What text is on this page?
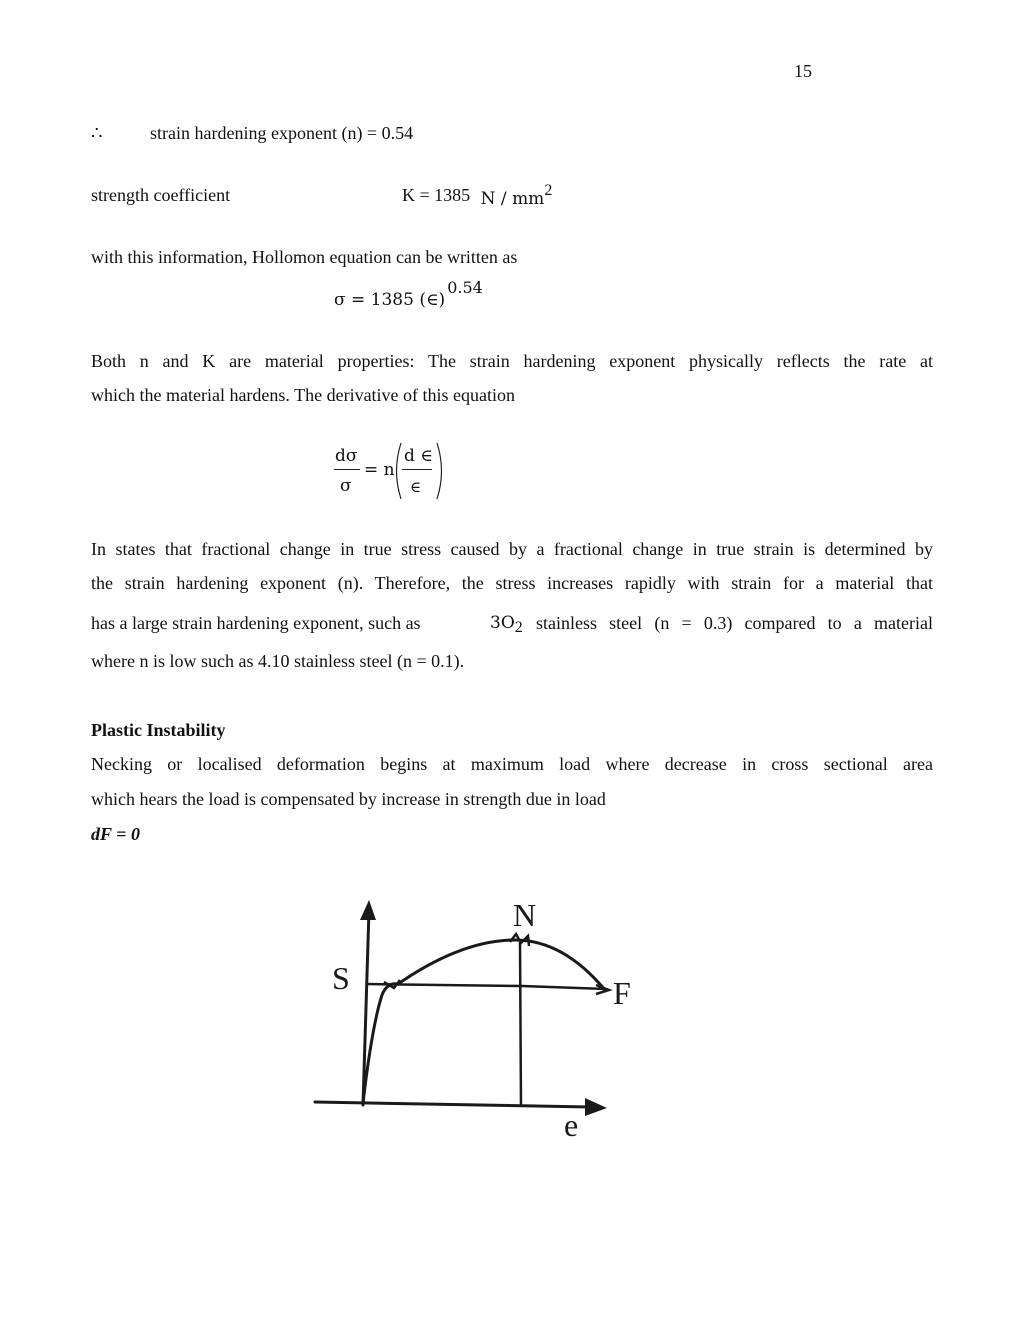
15
∴	strain hardening exponent (n) = 0.54
strength coefficient	K = 1385 N / mm2
with this information, Hollomon equation can be written as
σ = 1385 (∈)0.54
Both n and K are material properties: The strain hardening exponent physically reflects the rate at
which the material hardens. The derivative of this equation
dσ
σ
= n
d ∈
∈
In states that fractional change in true stress caused by a fractional change in true strain is determined by
the strain hardening exponent (n). Therefore, the stress increases rapidly with strain for a material that
has a large strain hardening exponent, such as	3O2 stainless steel (n = 0.3) compared to a material
where n is low such as 4.10 stainless steel (n = 0.1).
Plastic Instability
Necking or localised deformation begins at maximum load where decrease in cross sectional area
which hears the load is compensated by increase in strength due in load
dF = 0
S
N
F
e
